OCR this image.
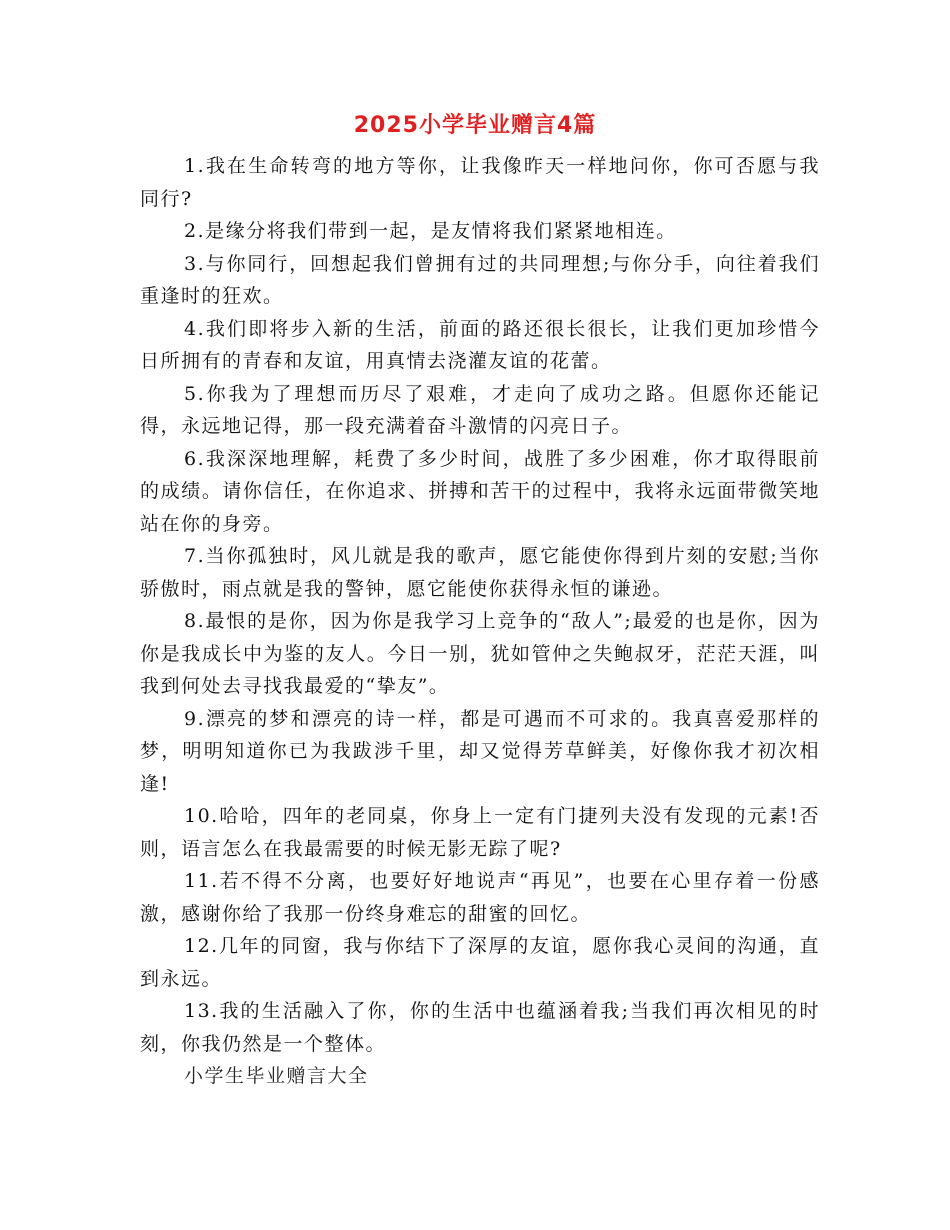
2025小学毕业赠言4篇

1.我在生命转弯的地方等你，让我像昨天一样地问你，你可否愿与我同行?

2.是缘分将我们带到一起，是友情将我们紧紧地相连。

3.与你同行，回想起我们曾拥有过的共同理想;与你分手，向往着我们重逢时的狂欢。

4.我们即将步入新的生活，前面的路还很长很长，让我们更加珍惜今日所拥有的青春和友谊，用真情去浇灌友谊的花蕾。

5.你我为了理想而历尽了艰难，才走向了成功之路。但愿你还能记得，永远地记得，那一段充满着奋斗激情的闪亮日子。

6.我深深地理解，耗费了多少时间，战胜了多少困难，你才取得眼前的成绩。请你信任，在你追求、拼搏和苦干的过程中，我将永远面带微笑地站在你的身旁。

7.当你孤独时，风儿就是我的歌声，愿它能使你得到片刻的安慰;当你骄傲时，雨点就是我的警钟，愿它能使你获得永恒的谦逊。

8.最恨的是你，因为你是我学习上竞争的“敌人”;最爱的也是你，因为你是我成长中为鉴的友人。今日一别，犹如管仲之失鲍叔牙，茫茫天涯，叫我到何处去寻找我最爱的“挚友”。

9.漂亮的梦和漂亮的诗一样，都是可遇而不可求的。我真喜爱那样的梦，明明知道你已为我跋涉千里，却又觉得芳草鲜美，好像你我才初次相逢!

10.哈哈，四年的老同桌，你身上一定有门捷列夫没有发现的元素!否则，语言怎么在我最需要的时候无影无踪了呢?

11.若不得不分离，也要好好地说声“再见”，也要在心里存着一份感激，感谢你给了我那一份终身难忘的甜蜜的回忆。

12.几年的同窗，我与你结下了深厚的友谊，愿你我心灵间的沟通，直到永远。

13.我的生活融入了你，你的生活中也蕴涵着我;当我们再次相见的时刻，你我仍然是一个整体。

小学生毕业赠言大全
